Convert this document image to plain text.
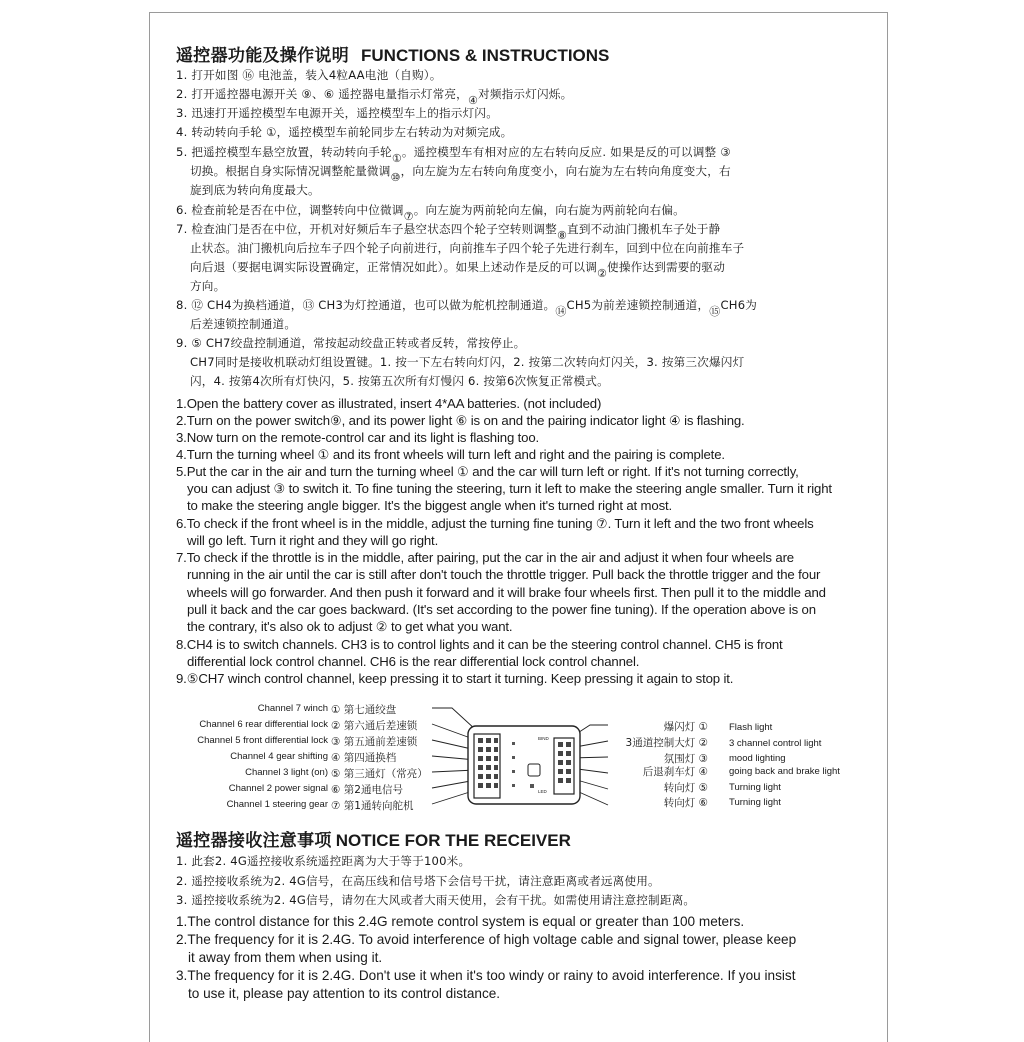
遥控器功能及操作说明 FUNCTIONS & INSTRUCTIONS
1. 打开如图 ⑯ 电池盖，装入4粒AA电池（自购）。
2. 打开遥控器电源开关 ⑨、⑥ 遥控器电量指示灯常亮，④对频指示灯闪烁。
3. 迅速打开遥控模型车电源开关，遥控模型车上的指示灯闪。
4. 转动转向手轮 ①，遥控模型车前轮同步左右转动为对频完成。
5. 把遥控模型车悬空放置，转动转向手轮①。遥控模型车有相对应的左右转向反应. 如果是反的可以调整 ③
切换。根据自身实际情况调整舵量微调⑩，向左旋为左右转向角度变小，向右旋为左右转向角度变大，右
旋到底为转向角度最大。
6. 检查前轮是否在中位，调整转向中位微调⑦。向左旋为两前轮向左偏，向右旋为两前轮向右偏。
7. 检查油门是否在中位，开机对好频后车子悬空状态四个轮子空转则调整⑧直到不动油门搬机车子处于静
止状态。油门搬机向后拉车子四个轮子向前进行，向前推车子四个轮子先进行刹车，回到中位在向前推车子
向后退（要据电调实际设置确定，正常情况如此）。如果上述动作是反的可以调②使操作达到需要的驱动
方向。
8. ⑫ CH4为换档通道，⑬ CH3为灯控通道，也可以做为舵机控制通道。⑭CH5为前差速锁控制通道，⑮CH6为
后差速锁控制通道。
9. ⑤ CH7绞盘控制通道，常按起动绞盘正转或者反转，常按停止。
CH7同时是接收机联动灯组设置键。1. 按一下左右转向灯闪，2. 按第二次转向灯闪关，3. 按第三次爆闪灯
闪，4. 按第4次所有灯快闪，5. 按第五次所有灯慢闪 6. 按第6次恢复正常模式。
1.Open the battery cover as illustrated, insert 4*AA batteries. (not included)
2.Turn on the power switch⑨, and its power light ⑥ is on and the pairing indicator light ④ is flashing.
3.Now turn on the remote-control car and its light is flashing too.
4.Turn the turning wheel ① and its front wheels will turn left and right and the pairing is complete.
5.Put the car in the air and turn the turning wheel ① and the car will turn left or right. If it's not turning correctly,
you can adjust ③ to switch it. To fine tuning the steering, turn it left to make the steering angle smaller. Turn it right
to make the steering angle bigger. It's the biggest angle when it's turned right at most.
6.To check if the front wheel is in the middle, adjust the turning fine tuning ⑦. Turn it left and the two front wheels
will go left. Turn it right and they will go right.
7.To check if the throttle is in the middle, after pairing, put the car in the air and adjust it when four wheels are
running in the air until the car is still after don't touch the throttle trigger. Pull back the throttle trigger and the four
wheels will go forwarder. And then push it forward and it will brake four wheels first. Then pull it to the middle and
pull it back and the car goes backward. (It's set according to the power fine tuning). If the operation above is on
the contrary, it's also ok to adjust ② to get what you want.
8.CH4 is to switch channels. CH3 is to control lights and it can be the steering control channel. CH5 is front
differential lock control channel. CH6 is the rear differential lock control channel.
9.⑤CH7 winch control channel, keep pressing it to start it turning. Keep pressing it again to stop it.
Channel 7 winch
Channel 6 rear differential lock
Channel 5 front differential lock
Channel 4 gear shifting
Channel 3 light (on)
Channel 2 power signal
Channel 1 steering gear
① 第七通绞盘
② 第六通后差速锁
③ 第五通前差速锁
④ 第四通换档
⑤ 第三通灯（常亮）
⑥ 第2通电信号
⑦ 第1通转向舵机
BIND
LED
爆闪灯 ①
3通道控制大灯 ②
氛围灯 ③
后退刹车灯 ④
转向灯 ⑤
转向灯 ⑥
Flash light
3 channel control light
mood lighting
going back and brake light
Turning light
Turning light
遥控器接收注意事项 NOTICE FOR THE RECEIVER
1. 此套2. 4G遥控接收系统遥控距离为大于等于100米。
2. 遥控接收系统为2. 4G信号，在高压线和信号塔下会信号干扰，请注意距离或者远离使用。
3. 遥控接收系统为2. 4G信号，请勿在大风或者大雨天使用，会有干扰。如需使用请注意控制距离。
1.The control distance for this 2.4G remote control system is equal or greater than 100 meters.
2.The frequency for it is 2.4G. To avoid interference of high voltage cable and signal tower, please keep
it away from them when using it.
3.The frequency for it is 2.4G. Don't use it when it's too windy or rainy to avoid interference. If you insist
to use it, please pay attention to its control distance.
